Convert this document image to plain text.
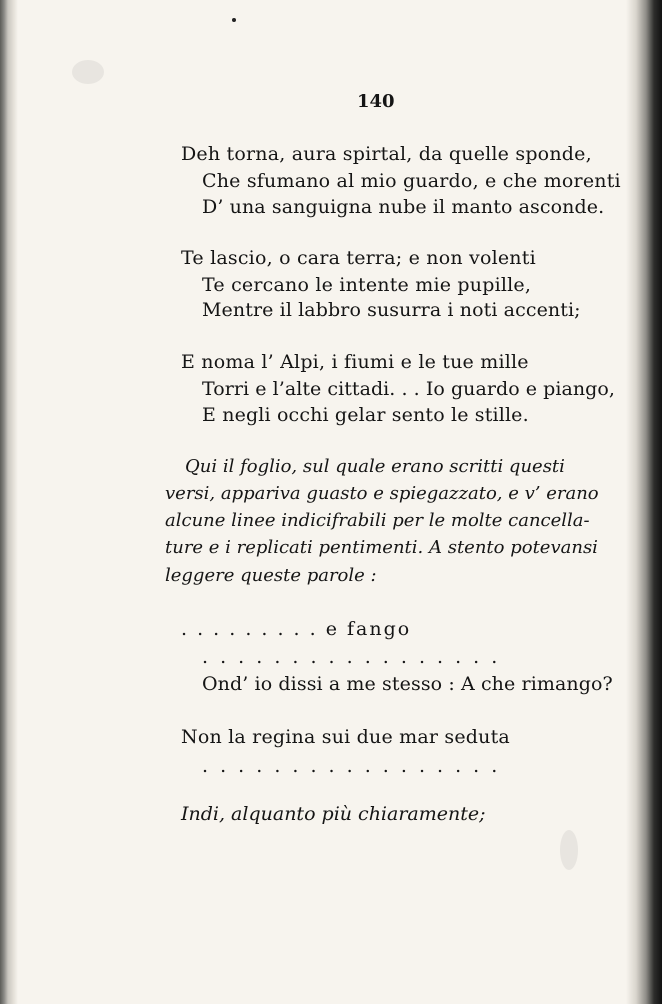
140
Deh torna, aura spirtal, da quelle sponde,
Che sfumano al mio guardo, e che morenti
D’ una sanguigna nube il manto asconde.
Te lascio, o cara terra; e non volenti
Te cercano le intente mie pupille,
Mentre il labbro susurra i noti accenti;
E noma l’ Alpi, i fiumi e le tue mille
Torri e l’alte cittadi. . . Io guardo e piango,
E negli occhi gelar sento le stille.
Qui il foglio, sul quale erano scritti questi
versi, appariva guasto e spiegazzato, e v’ erano
alcune linee indicifrabili per le molte cancella-
ture e i replicati pentimenti. A stento potevansi
leggere queste parole :
. . . . . . . . . e fango
. . . . . . . . . . . . . . . . .
Ond’ io dissi a me stesso : A che rimango?
Non la regina sui due mar seduta
. . . . . . . . . . . . . . . . .
Indi, alquanto più chiaramente;
